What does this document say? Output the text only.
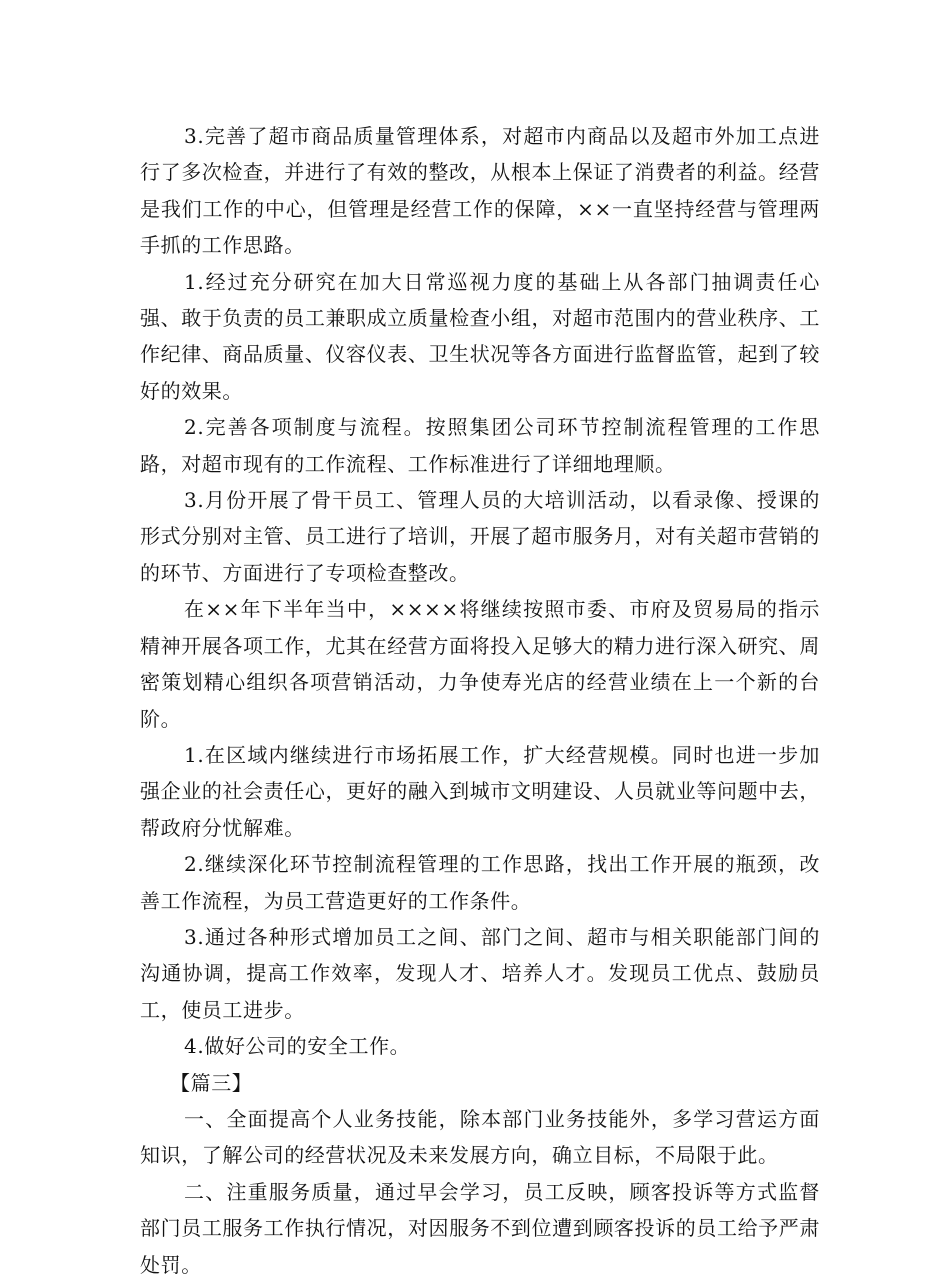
3.完善了超市商品质量管理体系，对超市内商品以及超市外加工点进行了多次检查，并进行了有效的整改，从根本上保证了消费者的利益。经营是我们工作的中心，但管理是经营工作的保障，××一直坚持经营与管理两手抓的工作思路。

1.经过充分研究在加大日常巡视力度的基础上从各部门抽调责任心强、敢于负责的员工兼职成立质量检查小组，对超市范围内的营业秩序、工作纪律、商品质量、仪容仪表、卫生状况等各方面进行监督监管，起到了较好的效果。

2.完善各项制度与流程。按照集团公司环节控制流程管理的工作思路，对超市现有的工作流程、工作标准进行了详细地理顺。

3.月份开展了骨干员工、管理人员的大培训活动，以看录像、授课的形式分别对主管、员工进行了培训，开展了超市服务月，对有关超市营销的的环节、方面进行了专项检查整改。

在××年下半年当中，××××将继续按照市委、市府及贸易局的指示精神开展各项工作，尤其在经营方面将投入足够大的精力进行深入研究、周密策划精心组织各项营销活动，力争使寿光店的经营业绩在上一个新的台阶。

1.在区域内继续进行市场拓展工作，扩大经营规模。同时也进一步加强企业的社会责任心，更好的融入到城市文明建设、人员就业等问题中去，帮政府分忧解难。

2.继续深化环节控制流程管理的工作思路，找出工作开展的瓶颈，改善工作流程，为员工营造更好的工作条件。

3.通过各种形式增加员工之间、部门之间、超市与相关职能部门间的沟通协调，提高工作效率，发现人才、培养人才。发现员工优点、鼓励员工，使员工进步。

4.做好公司的安全工作。

【篇三】

一、全面提高个人业务技能，除本部门业务技能外，多学习营运方面知识，了解公司的经营状况及未来发展方向，确立目标，不局限于此。

二、注重服务质量，通过早会学习，员工反映，顾客投诉等方式监督部门员工服务工作执行情况，对因服务不到位遭到顾客投诉的员工给予严肃处罚。
